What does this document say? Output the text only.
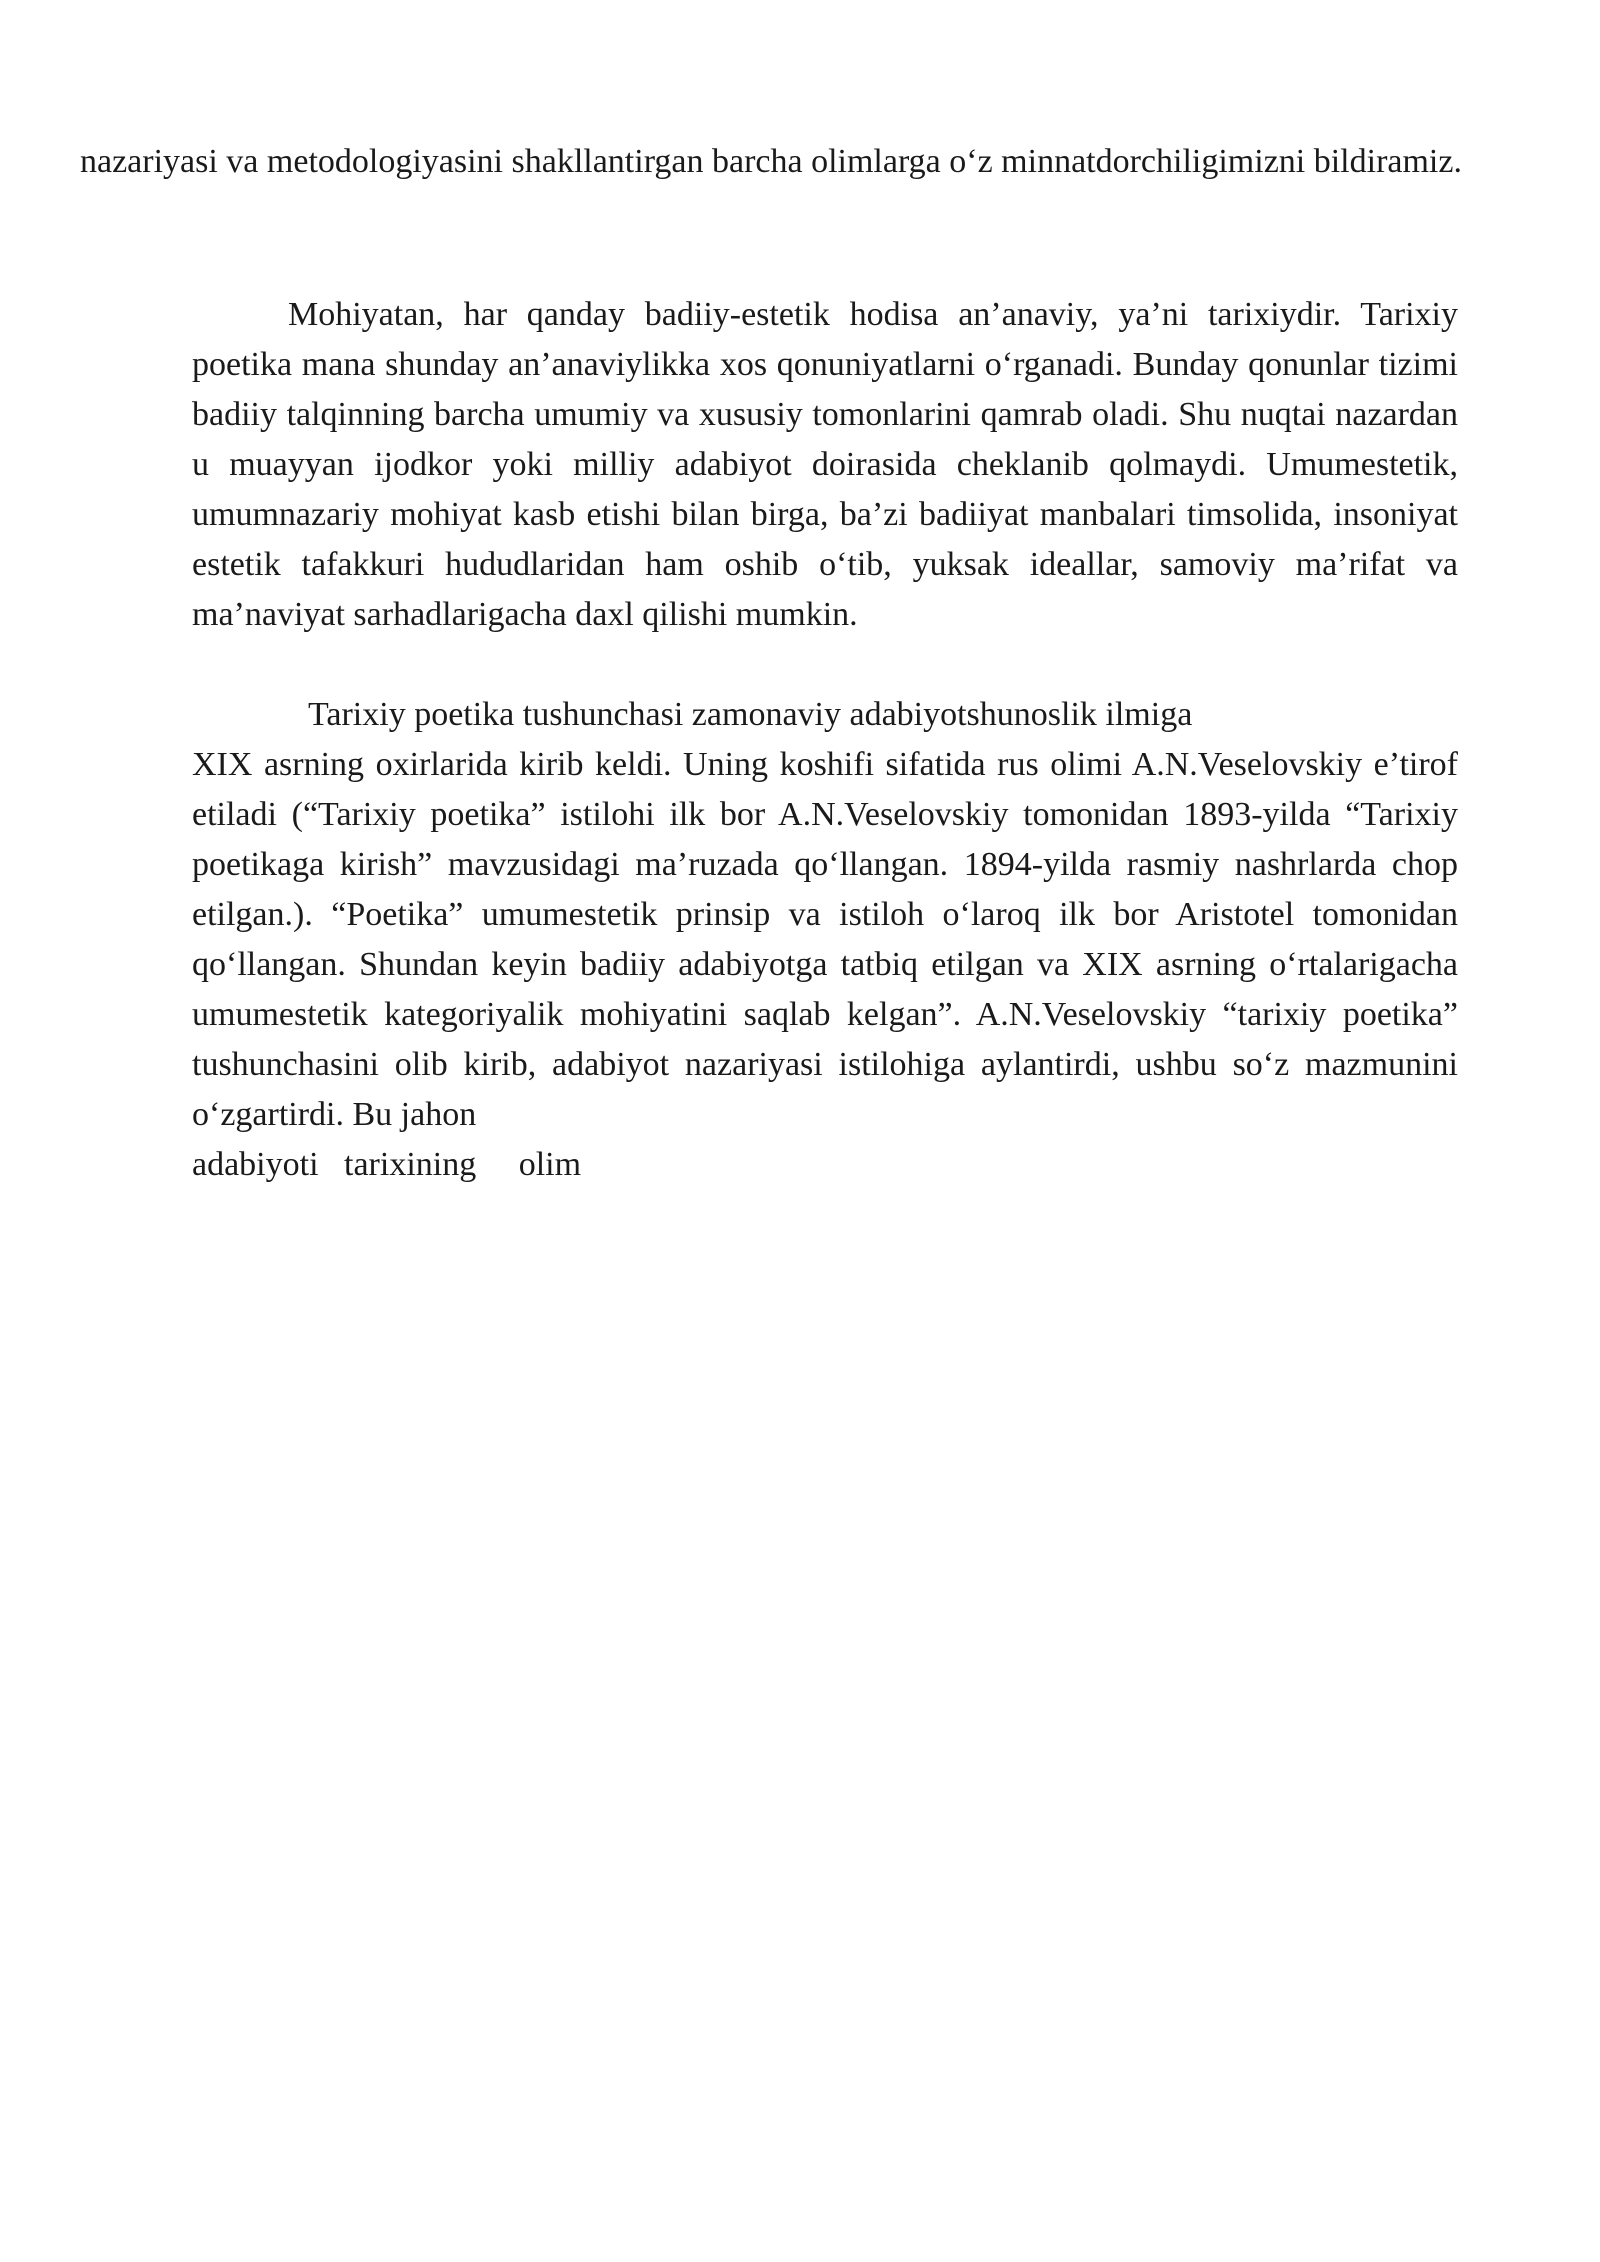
nazariyasi va metodologiyasini shakllantirgan barcha olimlarga o‘z minnatdorchiligimizni bildiramiz.

Mohiyatan, har qanday badiiy-estetik hodisa an’anaviy, ya’ni tarixiydir. Tarixiy poetika mana shunday an’anaviylikka xos qonuniyatlarni o‘rganadi. Bunday qonunlar tizimi badiiy talqinning barcha umumiy va xususiy tomonlarini qamrab oladi. Shu nuqtai nazardan u muayyan ijodkor yoki milliy adabiyot doirasida cheklanib qolmaydi. Umumestetik, umumnazariy mohiyat kasb etishi bilan birga, ba’zi badiiyat manbalari timsolida, insoniyat estetik tafakkuri hududlaridan ham oshib o‘tib, yuksak ideallar, samoviy ma’rifat va ma’naviyat sarhadlarigacha daxl qilishi mumkin.

Tarixiy poetika tushunchasi zamonaviy adabiyotshunoslik ilmiga
XIX asrning oxirlarida kirib keldi. Uning koshifi sifatida rus olimi A.N.Veselovskiy e’tirof etiladi (“Tarixiy poetika” istilohi ilk bor A.N.Veselovskiy tomonidan 1893-yilda “Tarixiy poetikaga kirish” mavzusidagi ma’ruzada qo‘llangan. 1894-yilda rasmiy nashrlarda chop etilgan.). “Poetika” umumestetik prinsip va istiloh o‘laroq ilk bor Aristotel tomonidan qo‘llangan. Shundan keyin badiiy adabiyotga tatbiq etilgan va XIX asrning o‘rtalarigacha umumestetik kategoriyalik mohiyatini saqlab kelgan”. A.N.Veselovskiy “tarixiy poetika” tushunchasini olib kirib, adabiyot nazariyasi istilohiga aylantirdi, ushbu so‘z mazmunini o‘zgartirdi. Bu jahon

adabiyoti   tarixining     olim
